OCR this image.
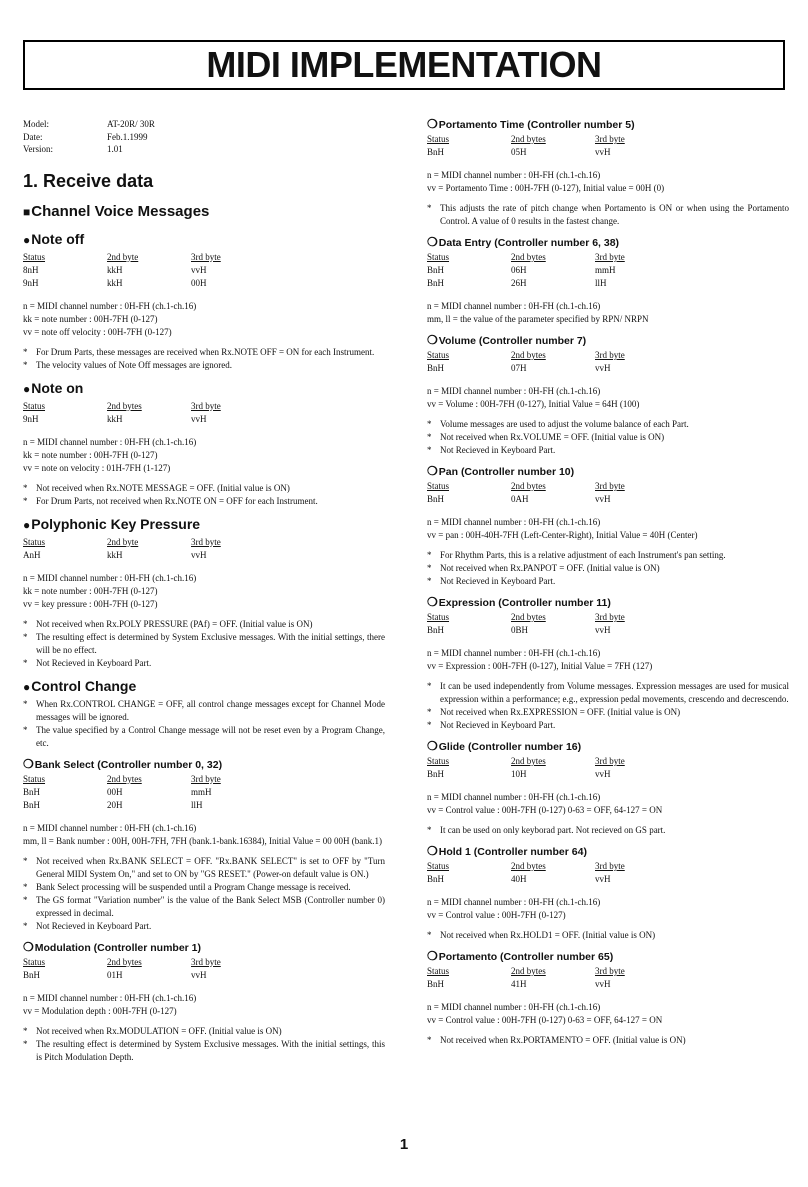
MIDI IMPLEMENTATION
Model:	AT-20R/ 30R
Date:	Feb.1.1999
Version:	1.01
1. Receive data
■Channel Voice Messages
●Note off
Status	2nd byte	3rd byte
8nH	kkH	vvH
9nH	kkH	00H
n = MIDI channel number : 0H-FH (ch.1-ch.16)
kk = note number : 00H-7FH (0-127)
vv = note off velocity : 00H-7FH (0-127)
* For Drum Parts, these messages are received when Rx.NOTE OFF = ON for each Instrument.
* The velocity values of Note Off messages are ignored.
●Note on
Status	2nd bytes	3rd byte
9nH	kkH	vvH
n = MIDI channel number : 0H-FH (ch.1-ch.16)
kk = note number : 00H-7FH (0-127)
vv = note on velocity : 01H-7FH (1-127)
* Not received when Rx.NOTE MESSAGE = OFF. (Initial value is ON)
* For Drum Parts, not received when Rx.NOTE ON = OFF for each Instrument.
●Polyphonic Key Pressure
Status	2nd byte	3rd byte
AnH	kkH	vvH
n = MIDI channel number : 0H-FH (ch.1-ch.16)
kk = note number : 00H-7FH (0-127)
vv = key pressure : 00H-7FH (0-127)
* Not received when Rx.POLY PRESSURE (PAf) = OFF. (Initial value is ON)
* The resulting effect is determined by System Exclusive messages. With the initial settings, there will be no effect.
* Not Recieved in Keyboard Part.
●Control Change
* When Rx.CONTROL CHANGE = OFF, all control change messages except for Channel Mode messages will be ignored.
* The value specified by a Control Change message will not be reset even by a Program Change, etc.
❍Bank Select (Controller number 0, 32)
Status	2nd bytes	3rd byte
BnH	00H	mmH
BnH	20H	llH
n = MIDI channel number : 0H-FH (ch.1-ch.16)
mm, ll = Bank number : 00H, 00H-7FH, 7FH (bank.1-bank.16384), Initial Value = 00 00H (bank.1)
* Not received when Rx.BANK SELECT = OFF. "Rx.BANK SELECT" is set to OFF by "Turn General MIDI System On," and set to ON by "GS RESET." (Power-on default value is ON.)
* Bank Select processing will be suspended until a Program Change message is received.
* The GS format "Variation number" is the value of the Bank Select MSB (Controller number 0) expressed in decimal.
* Not Recieved in Keyboard Part.
❍Modulation (Controller number 1)
Status	2nd bytes	3rd byte
BnH	01H	vvH
n = MIDI channel number : 0H-FH (ch.1-ch.16)
vv = Modulation depth : 00H-7FH (0-127)
* Not received when Rx.MODULATION = OFF. (Initial value is ON)
* The resulting effect is determined by System Exclusive messages. With the initial settings, this is Pitch Modulation Depth.
❍Portamento Time (Controller number 5)
Status	2nd bytes	3rd byte
BnH	05H	vvH
n = MIDI channel number : 0H-FH (ch.1-ch.16)
vv = Portamento Time : 00H-7FH (0-127), Initial value = 00H (0)
* This adjusts the rate of pitch change when Portamento is ON or when using the Portamento Control. A value of 0 results in the fastest change.
❍Data Entry (Controller number 6, 38)
Status	2nd bytes	3rd byte
BnH	06H	mmH
BnH	26H	llH
n = MIDI channel number : 0H-FH (ch.1-ch.16)
mm, ll = the value of the parameter specified by RPN/ NRPN
❍Volume (Controller number 7)
Status	2nd bytes	3rd byte
BnH	07H	vvH
n = MIDI channel number : 0H-FH (ch.1-ch.16)
vv = Volume : 00H-7FH (0-127), Initial Value = 64H (100)
* Volume messages are used to adjust the volume balance of each Part.
* Not received when Rx.VOLUME = OFF. (Initial value is ON)
* Not Recieved in Keyboard Part.
❍Pan (Controller number 10)
Status	2nd bytes	3rd byte
BnH	0AH	vvH
n = MIDI channel number : 0H-FH (ch.1-ch.16)
vv = pan : 00H-40H-7FH (Left-Center-Right), Initial Value = 40H (Center)
* For Rhythm Parts, this is a relative adjustment of each Instrument's pan setting.
* Not received when Rx.PANPOT = OFF. (Initial value is ON)
* Not Recieved in Keyboard Part.
❍Expression (Controller number 11)
Status	2nd bytes	3rd byte
BnH	0BH	vvH
n = MIDI channel number : 0H-FH (ch.1-ch.16)
vv = Expression : 00H-7FH (0-127), Initial Value = 7FH (127)
* It can be used independently from Volume messages. Expression messages are used for musical expression within a performance; e.g., expression pedal movements, crescendo and decrescendo.
* Not received when Rx.EXPRESSION = OFF. (Initial value is ON)
* Not Recieved in Keyboard Part.
❍Glide (Controller number 16)
Status	2nd bytes	3rd byte
BnH	10H	vvH
n = MIDI channel number : 0H-FH (ch.1-ch.16)
vv = Control value : 00H-7FH (0-127) 0-63 = OFF, 64-127 = ON
* It can be used on only keyborad part. Not recieved on GS part.
❍Hold 1 (Controller number 64)
Status	2nd bytes	3rd byte
BnH	40H	vvH
n = MIDI channel number : 0H-FH (ch.1-ch.16)
vv = Control value : 00H-7FH (0-127)
* Not received when Rx.HOLD1 = OFF. (Initial value is ON)
❍Portamento (Controller number 65)
Status	2nd bytes	3rd byte
BnH	41H	vvH
n = MIDI channel number : 0H-FH (ch.1-ch.16)
vv = Control value : 00H-7FH (0-127) 0-63 = OFF, 64-127 = ON
* Not received when Rx.PORTAMENTO = OFF. (Initial value is ON)
1
